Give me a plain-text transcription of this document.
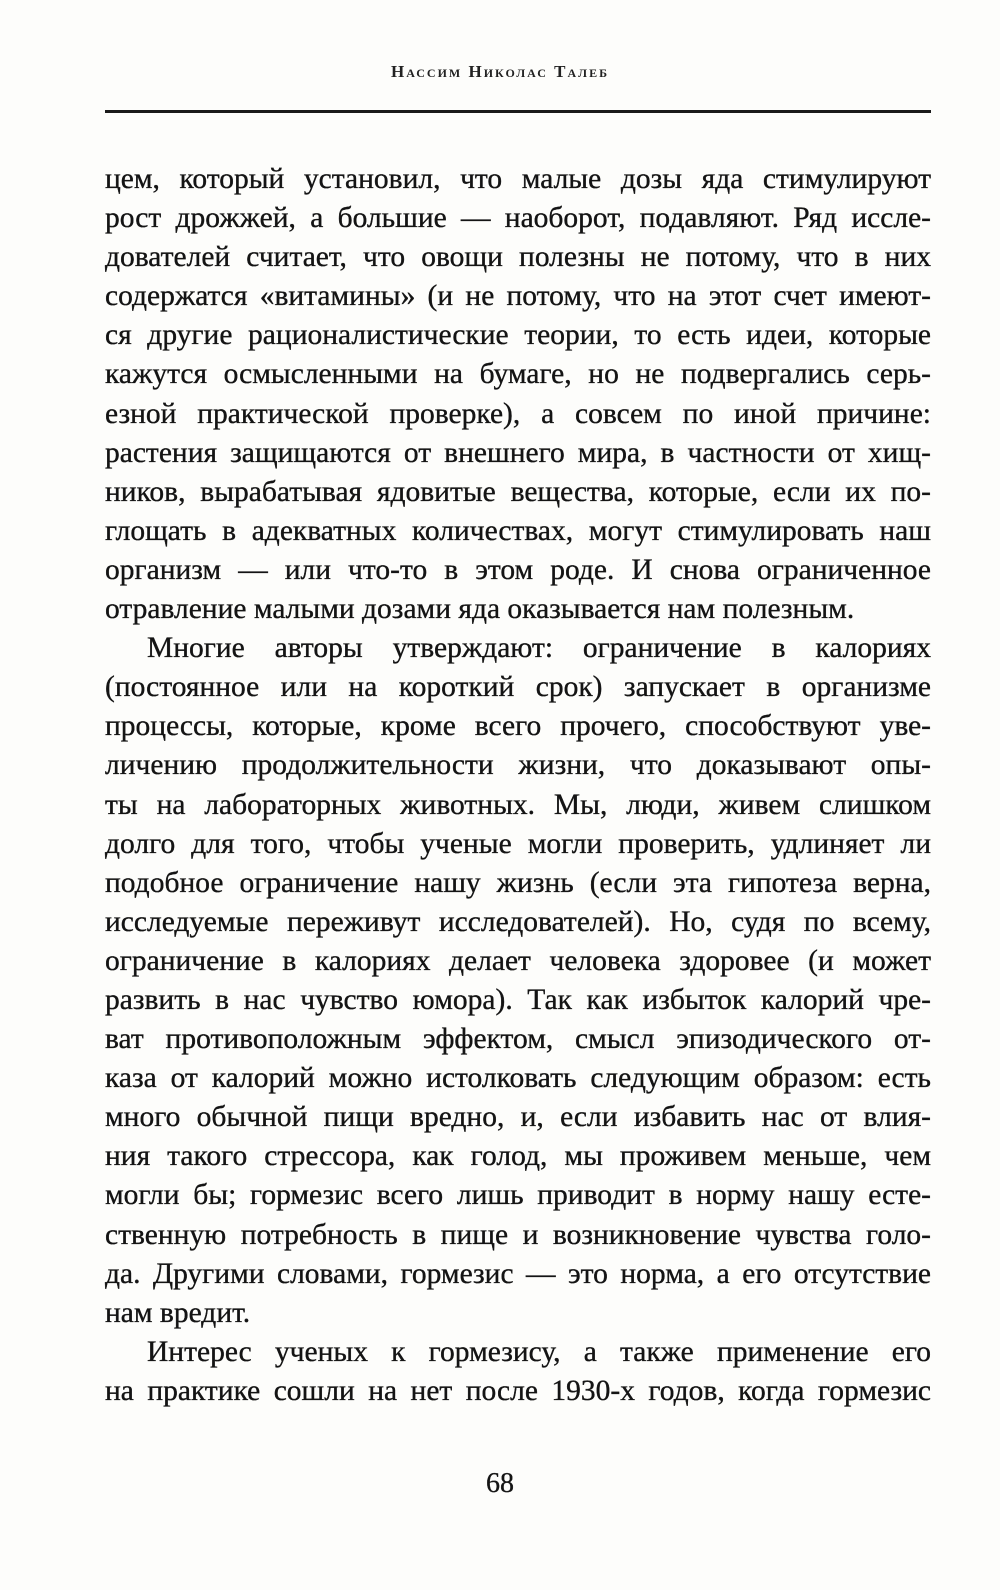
Нассим Николас Талеб
цем, который установил, что малые дозы яда стимулируют
рост дрожжей, а большие — наоборот, подавляют. Ряд иссле-
дователей считает, что овощи полезны не потому, что в них
содержатся «витамины» (и не потому, что на этот счет имеют-
ся другие рационалистические теории, то есть идеи, которые
кажутся осмысленными на бумаге, но не подвергались серь-
езной практической проверке), а совсем по иной причине:
растения защищаются от внешнего мира, в частности от хищ-
ников, вырабатывая ядовитые вещества, которые, если их по-
глощать в адекватных количествах, могут стимулировать наш
организм — или что-то в этом роде. И снова ограниченное
отравление малыми дозами яда оказывается нам полезным.
Многие авторы утверждают: ограничение в калориях
(постоянное или на короткий срок) запускает в организме
процессы, которые, кроме всего прочего, способствуют уве-
личению продолжительности жизни, что доказывают опы-
ты на лабораторных животных. Мы, люди, живем слишком
долго для того, чтобы ученые могли проверить, удлиняет ли
подобное ограничение нашу жизнь (если эта гипотеза верна,
исследуемые переживут исследователей). Но, судя по всему,
ограничение в калориях делает человека здоровее (и может
развить в нас чувство юмора). Так как избыток калорий чре-
ват противоположным эффектом, смысл эпизодического от-
каза от калорий можно истолковать следующим образом: есть
много обычной пищи вредно, и, если избавить нас от влия-
ния такого стрессора, как голод, мы проживем меньше, чем
могли бы; гормезис всего лишь приводит в норму нашу есте-
ственную потребность в пище и возникновение чувства голо-
да. Другими словами, гормезис — это норма, а его отсутствие
нам вредит.
Интерес ученых к гормезису, а также применение его
на практике сошли на нет после 1930-х годов, когда гормезис
68
